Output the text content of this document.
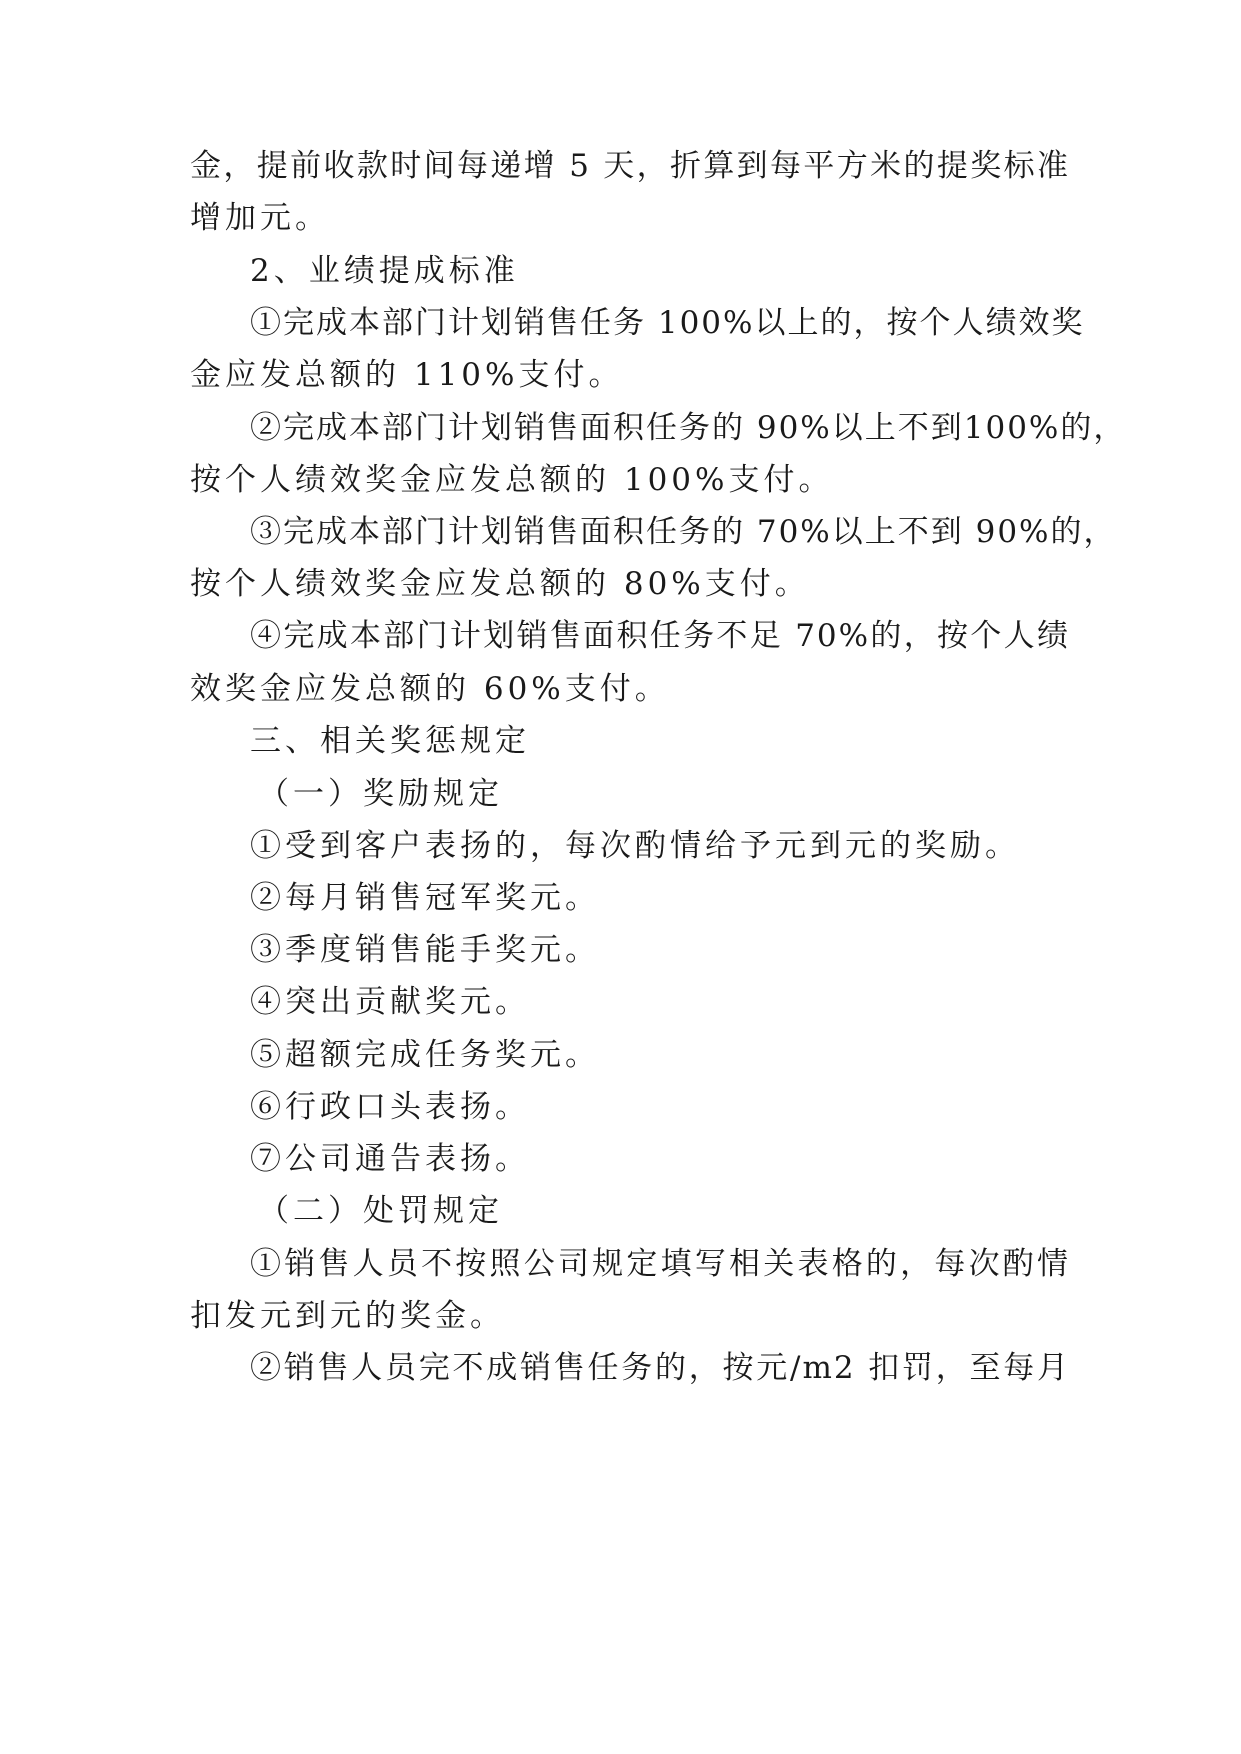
金，提前收款时间每递增 5 天，折算到每平方米的提奖标准
增加元。
2、业绩提成标准
①完成本部门计划销售任务 100%以上的，按个人绩效奖
金应发总额的 110%支付。
②完成本部门计划销售面积任务的 90%以上不到100%的，
按个人绩效奖金应发总额的 100%支付。
③完成本部门计划销售面积任务的 70%以上不到 90%的，
按个人绩效奖金应发总额的 80%支付。
④完成本部门计划销售面积任务不足 70%的，按个人绩
效奖金应发总额的 60%支付。
三、相关奖惩规定
（一）奖励规定
①受到客户表扬的，每次酌情给予元到元的奖励。
②每月销售冠军奖元。
③季度销售能手奖元。
④突出贡献奖元。
⑤超额完成任务奖元。
⑥行政口头表扬。
⑦公司通告表扬。
（二）处罚规定
①销售人员不按照公司规定填写相关表格的，每次酌情
扣发元到元的奖金。
②销售人员完不成销售任务的，按元/m2 扣罚，至每月
